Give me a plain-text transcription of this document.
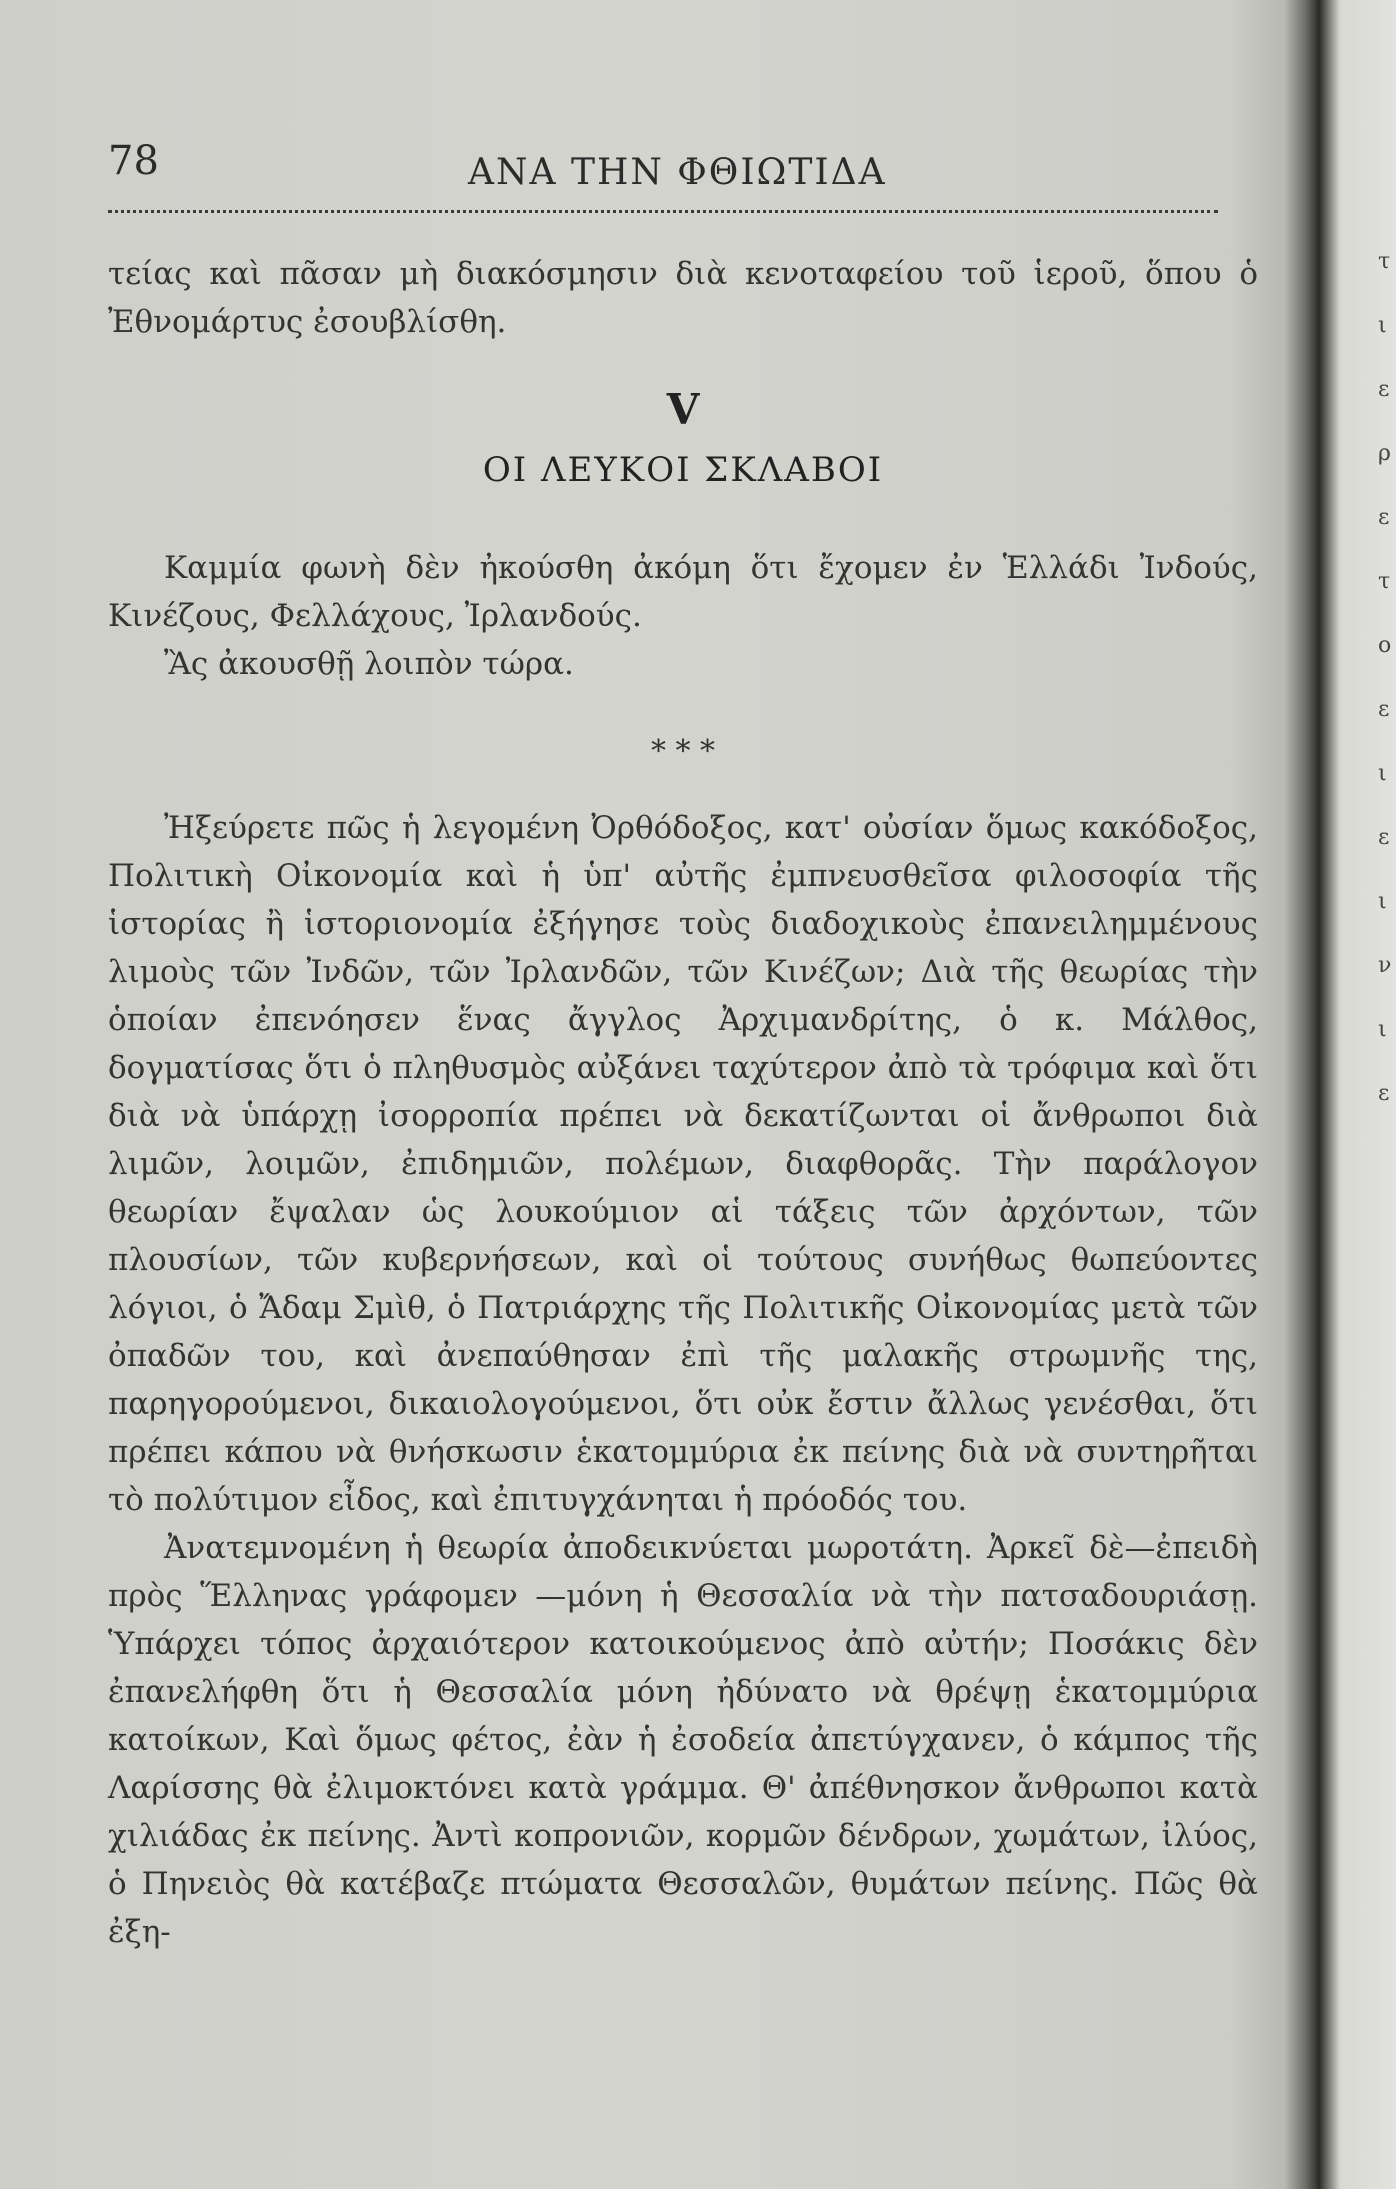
78	ΑΝΑ ΤΗΝ ΦΘΙΩΤΙΔΑ

τείας καὶ πᾶσαν μὴ διακόσμησιν διὰ κενοταφείου τοῦ ἱεροῦ, ὅπου ὁ Ἐθνομάρτυς ἐσουβλίσθη.

V
ΟΙ ΛΕΥΚΟΙ ΣΚΛΑΒΟΙ

Καμμία φωνὴ δὲν ἠκούσθη ἀκόμη ὅτι ἔχομεν ἐν Ἑλλάδι Ἰνδούς, Κινέζους, Φελλάχους, Ἰρλανδούς.

Ἂς ἀκουσθῇ λοιπὸν τώρα.

* * *

Ἠξεύρετε πῶς ἡ λεγομένη Ὀρθόδοξος, κατ' οὐσίαν ὅμως κακόδοξος, Πολιτικὴ Οἰκονομία καὶ ἡ ὑπ' αὐτῆς ἐμπνευσθεῖσα φιλοσοφία τῆς ἱστορίας ἢ ἱστοριονομία ἐξήγησε τοὺς διαδοχικοὺς ἐπανειλημμένους λιμοὺς τῶν Ἰνδῶν, τῶν Ἰρλανδῶν, τῶν Κινέζων; Διὰ τῆς θεωρίας τὴν ὁποίαν ἐπενόησεν ἕνας ἄγγλος Ἀρχιμανδρίτης, ὁ κ. Μάλθος, δογματίσας ὅτι ὁ πληθυσμὸς αὐξάνει ταχύτερον ἀπὸ τὰ τρόφιμα καὶ ὅτι διὰ νὰ ὑπάρχῃ ἰσορροπία πρέπει νὰ δεκατίζωνται οἱ ἄνθρωποι διὰ λιμῶν, λοιμῶν, ἐπιδημιῶν, πολέμων, διαφθορᾶς. Τὴν παράλογον θεωρίαν ἔψαλαν ὡς λουκούμιον αἱ τάξεις τῶν ἀρχόντων, τῶν πλουσίων, τῶν κυβερνήσεων, καὶ οἱ τούτους συνήθως θωπεύοντες λόγιοι, ὁ Ἄδαμ Σμὶθ, ὁ Πατριάρχης τῆς Πολιτικῆς Οἰκονομίας μετὰ τῶν ὀπαδῶν του, καὶ ἀνεπαύθησαν ἐπὶ τῆς μαλακῆς στρωμνῆς της, παρηγορούμενοι, δικαιολογούμενοι, ὅτι οὐκ ἔστιν ἄλλως γενέσθαι, ὅτι πρέπει κάπου νὰ θνήσκωσιν ἑκατομμύρια ἐκ πείνης διὰ νὰ συντηρῆται τὸ πολύτιμον εἶδος, καὶ ἐπιτυγχάνηται ἡ πρόοδός του.

Ἀνατεμνομένη ἡ θεωρία ἀποδεικνύεται μωροτάτη. Ἀρκεῖ δὲ—ἐπειδὴ πρὸς Ἕλληνας γράφομεν —μόνη ἡ Θεσσαλία νὰ τὴν πατσαδουριάσῃ. Ὑπάρχει τόπος ἀρχαιότερον κατοικούμενος ἀπὸ αὐτήν; Ποσάκις δὲν ἐπανελήφθη ὅτι ἡ Θεσσαλία μόνη ἠδύνατο νὰ θρέψῃ ἑκατομμύρια κατοίκων, Καὶ ὅμως φέτος, ἐὰν ἡ ἐσοδεία ἀπετύγχανεν, ὁ κάμπος τῆς Λαρίσσης θὰ ἐλιμοκτόνει κατὰ γράμμα. Θ' ἀπέθνησκον ἄνθρωποι κατὰ χιλιάδας ἐκ πείνης. Ἀντὶ κοπρονιῶν, κορμῶν δένδρων, χωμάτων, ἰλύος, ὁ Πηνειὸς θὰ κατέβαζε πτώματα Θεσσαλῶν, θυμάτων πείνης. Πῶς θὰ ἐξη-

τ
ι
ε
ρ
ε
τ
ο
ε
ι
ε
ι
ν
ι
ε
